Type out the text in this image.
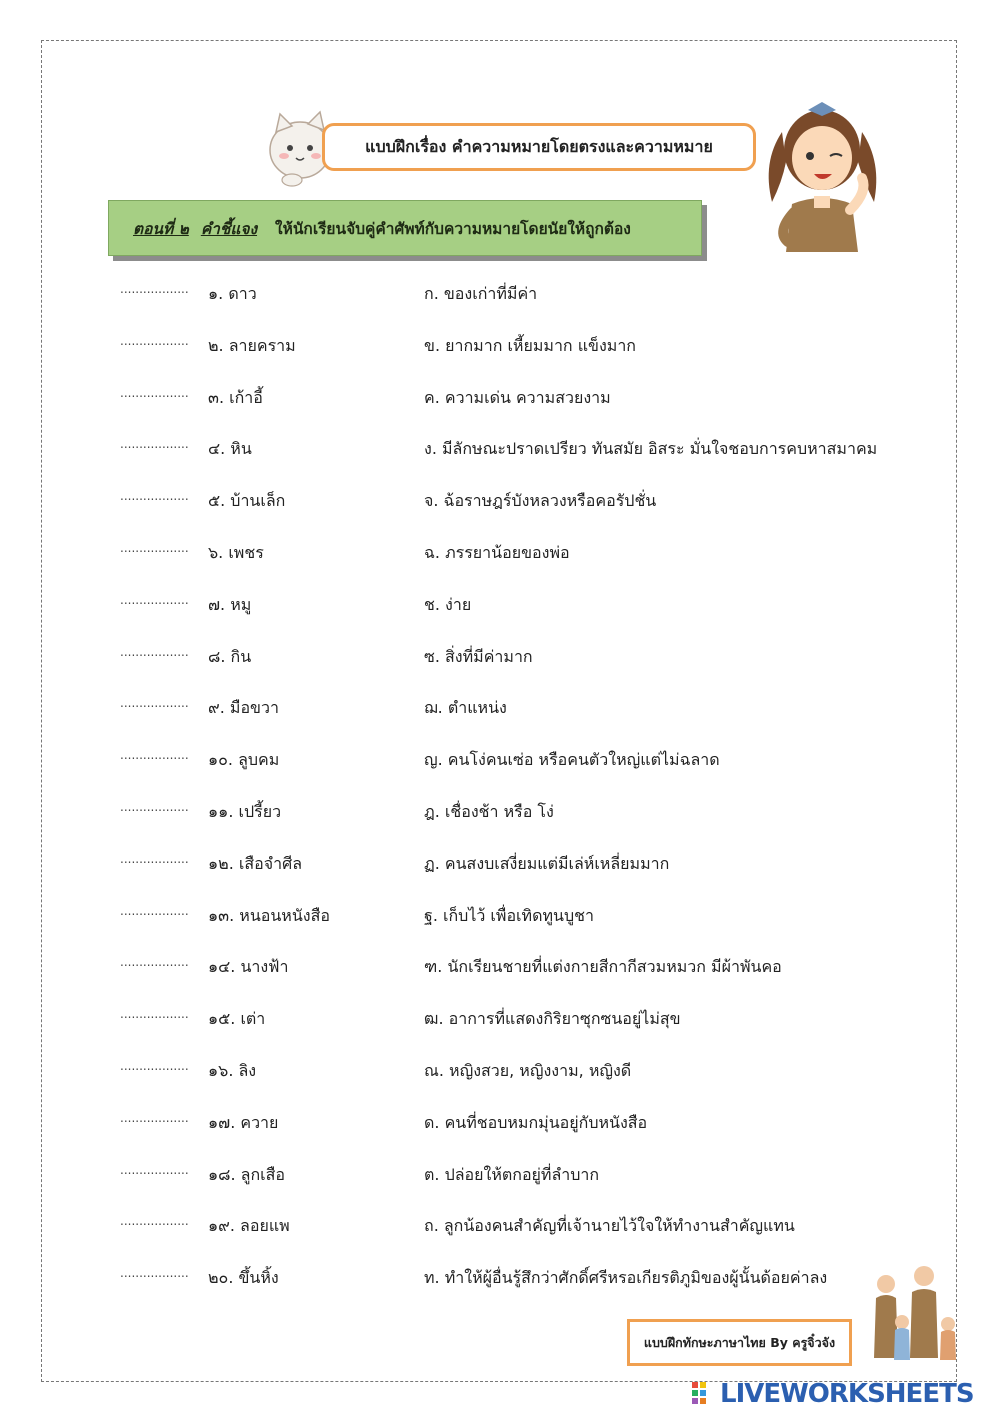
แบบฝึกเรื่อง คำความหมายโดยตรงและความหมาย
ตอนที่ ๒ คำชี้แจง ให้นักเรียนจับคู่คำศัพท์กับความหมายโดยนัยให้ถูกต้อง
.................. ๑. ดาว	ก. ของเก่าที่มีค่า
.................. ๒. ลายคราม	ข. ยากมาก เหี้ยมมาก แข็งมาก
.................. ๓. เก้าอี้	ค. ความเด่น ความสวยงาม
.................. ๔. หิน	ง. มีลักษณะปราดเปรียว ทันสมัย อิสระ มั่นใจชอบการคบหาสมาคม
.................. ๕. บ้านเล็ก	จ. ฉ้อราษฎร์บังหลวงหรือคอรัปชั่น
.................. ๖. เพชร	ฉ. ภรรยาน้อยของพ่อ
.................. ๗. หมู	ช. ง่าย
.................. ๘. กิน	ซ. สิ่งที่มีค่ามาก
.................. ๙. มือขวา	ฌ. ตำแหน่ง
.................. ๑๐. ลูบคม	ญ. คนโง่คนเซ่อ หรือคนตัวใหญ่แต่ไม่ฉลาด
.................. ๑๑. เปรี้ยว	ฎ. เชื่องช้า หรือ โง่
.................. ๑๒. เสือจำศีล	ฏ. คนสงบเสงี่ยมแต่มีเล่ห์เหลี่ยมมาก
.................. ๑๓. หนอนหนังสือ	ฐ. เก็บไว้ เพื่อเทิดทูนบูชา
.................. ๑๔. นางฟ้า	ฑ. นักเรียนชายที่แต่งกายสีกากีสวมหมวก มีผ้าพันคอ
.................. ๑๕. เต่า	ฒ. อาการที่แสดงกิริยาซุกซนอยู่ไม่สุข
.................. ๑๖. ลิง	ณ. หญิงสวย, หญิงงาม, หญิงดี
.................. ๑๗. ควาย	ด. คนที่ชอบหมกมุ่นอยู่กับหนังสือ
.................. ๑๘. ลูกเสือ	ต. ปล่อยให้ตกอยู่ที่ลำบาก
.................. ๑๙. ลอยแพ	ถ. ลูกน้องคนสำคัญที่เจ้านายไว้ใจให้ทำงานสำคัญแทน
.................. ๒๐. ขึ้นหิ้ง	ท. ทำให้ผู้อื่นรู้สึกว่าศักดิ์ศรีหรอเกียรติภูมิของผู้นั้นด้อยค่าลง
แบบฝึกทักษะภาษาไทย By ครูจิ๋วจัง
LIVEWORKSHEETS
